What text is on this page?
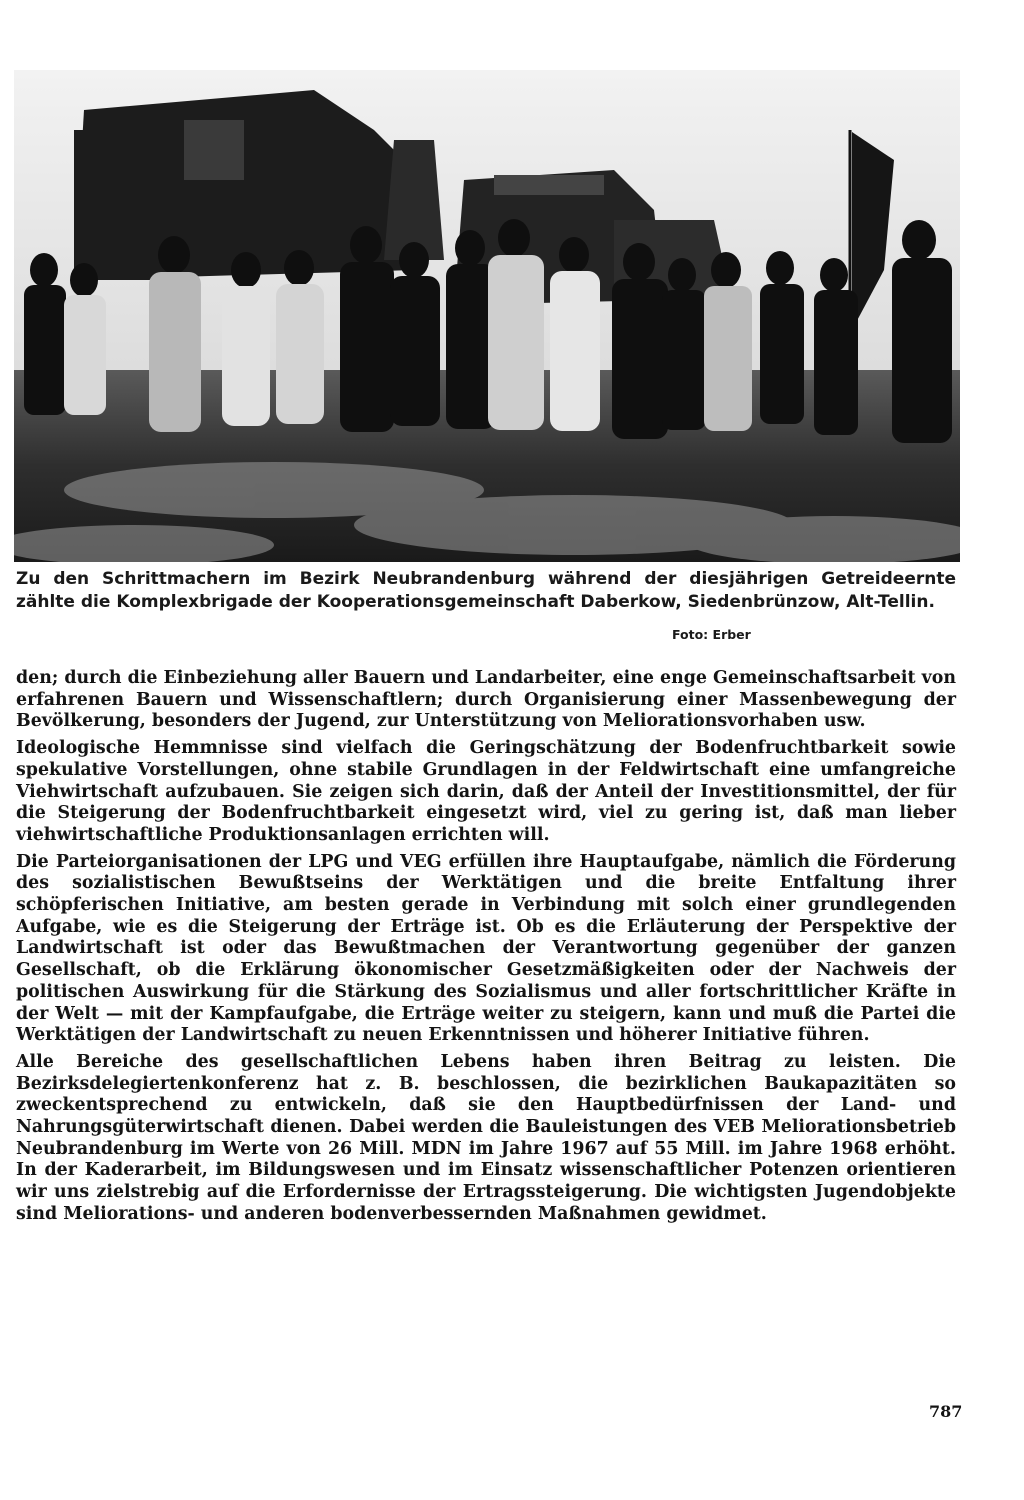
Zu den Schrittmachern im Bezirk Neubrandenburg während der diesjährigen Getreideernte zählte die Komplexbrigade der Kooperationsgemeinschaft Daberkow, Siedenbrünzow, Alt-Tellin.

Foto: Erber

den; durch die Einbeziehung aller Bauern und Landarbeiter, eine enge Gemeinschaftsarbeit von erfahrenen Bauern und Wissenschaftlern; durch Organisierung einer Massenbewegung der Bevölkerung, besonders der Jugend, zur Unterstützung von Meliorationsvorhaben usw.

Ideologische Hemmnisse sind vielfach die Geringschätzung der Bodenfruchtbarkeit sowie spekulative Vorstellungen, ohne stabile Grundlagen in der Feldwirtschaft eine umfangreiche Viehwirtschaft aufzubauen. Sie zeigen sich darin, daß der Anteil der Investitionsmittel, der für die Steigerung der Bodenfruchtbarkeit eingesetzt wird, viel zu gering ist, daß man lieber viehwirtschaftliche Produktionsanlagen errichten will.

Die Parteiorganisationen der LPG und VEG erfüllen ihre Hauptaufgabe, nämlich die Förderung des sozialistischen Bewußtseins der Werktätigen und die breite Entfaltung ihrer schöpferischen Initiative, am besten gerade in Verbindung mit solch einer grundlegenden Aufgabe, wie es die Steigerung der Erträge ist. Ob es die Erläuterung der Perspektive der Landwirtschaft ist oder das Bewußtmachen der Verantwortung gegenüber der ganzen Gesellschaft, ob die Erklärung ökonomischer Gesetzmäßigkeiten oder der Nachweis der politischen Auswirkung für die Stärkung des Sozialismus und aller fortschrittlicher Kräfte in der Welt — mit der Kampfaufgabe, die Erträge weiter zu steigern, kann und muß die Partei die Werktätigen der Landwirtschaft zu neuen Erkenntnissen und höherer Initiative führen.

Alle Bereiche des gesellschaftlichen Lebens haben ihren Beitrag zu leisten. Die Bezirksdelegiertenkonferenz hat z. B. beschlossen, die bezirklichen Baukapazitäten so zweckentsprechend zu entwickeln, daß sie den Hauptbedürfnissen der Land- und Nahrungsgüterwirtschaft dienen. Dabei werden die Bauleistungen des VEB Meliorationsbetrieb Neubrandenburg im Werte von 26 Mill. MDN im Jahre 1967 auf 55 Mill. im Jahre 1968 erhöht. In der Kaderarbeit, im Bildungswesen und im Einsatz wissenschaftlicher Potenzen orientieren wir uns zielstrebig auf die Erfordernisse der Ertragssteigerung. Die wichtigsten Jugendobjekte sind Meliorations- und anderen bodenverbessernden Maßnahmen gewidmet.

787
